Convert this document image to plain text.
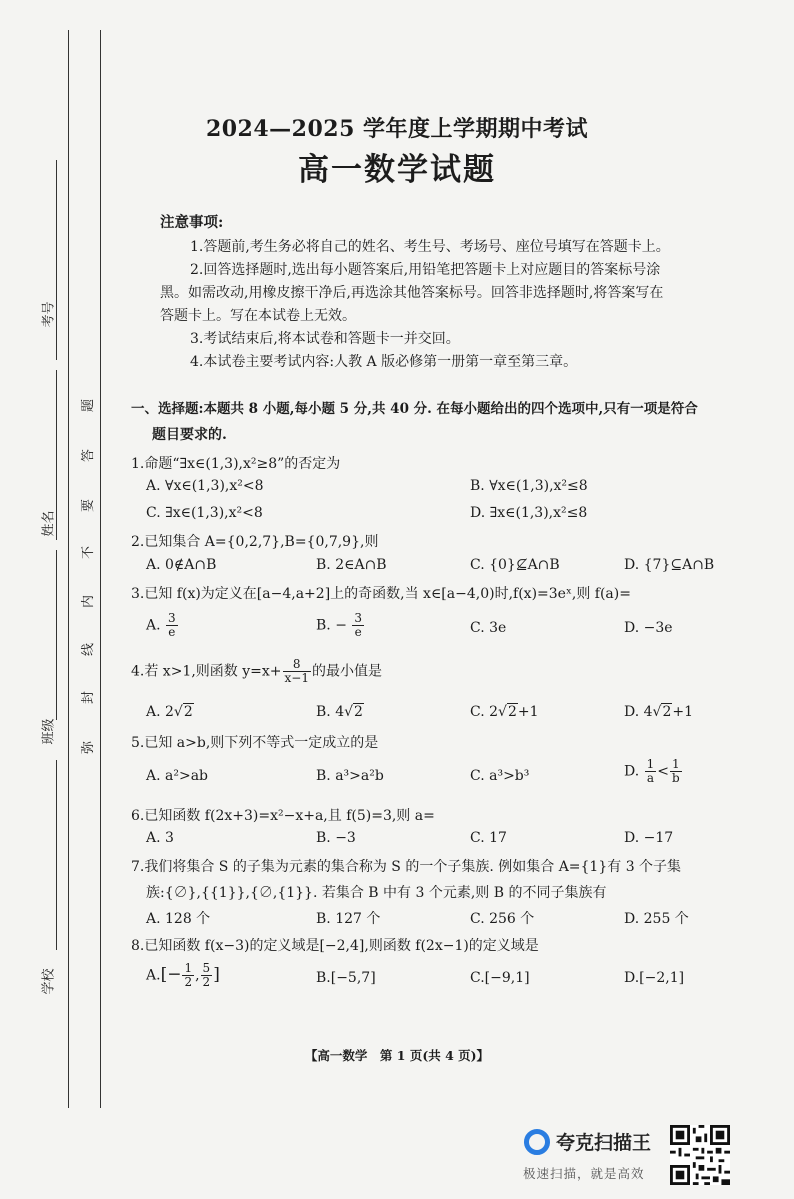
考号
姓名
班级
学校
题
答
要
不
内
线
封
弥
2024—2025 学年度上学期期中考试
高一数学试题
注意事项:
1.答题前,考生务必将自己的姓名、考生号、考场号、座位号填写在答题卡上。
2.回答选择题时,选出每小题答案后,用铅笔把答题卡上对应题目的答案标号涂
黑。如需改动,用橡皮擦干净后,再选涂其他答案标号。回答非选择题时,将答案写在
答题卡上。写在本试卷上无效。
3.考试结束后,将本试卷和答题卡一并交回。
4.本试卷主要考试内容:人教 A 版必修第一册第一章至第三章。
一、选择题:本题共 8 小题,每小题 5 分,共 40 分. 在每小题给出的四个选项中,只有一项是符合
题目要求的.
1.命题“∃x∈(1,3),x²≥8”的否定为
A. ∀x∈(1,3),x²<8	B. ∀x∈(1,3),x²≤8
C. ∃x∈(1,3),x²<8	D. ∃x∈(1,3),x²≤8
2.已知集合 A={0,2,7},B={0,7,9},则
A. 0∉A∩B	B. 2∈A∩B	C. {0}⊈A∩B	D. {7}⊆A∩B
3.已知 f(x)为定义在[a−4,a+2]上的奇函数,当 x∈[a−4,0)时,f(x)=3eˣ,则 f(a)=
A. $\frac{3}{e}$	B. − $\frac{3}{e}$	C. 3e	D. −3e
4.若 x>1,则函数 $y=x+ \frac{8}{x-1}$ 的最小值是
A. 2√2	B. 4√2	C. 2√2+1	D. 4√2+1
5.已知 a>b,则下列不等式一定成立的是
A. a²>ab	B. a³>a²b	C. a³>b³	D. $\frac{1}{a} < \frac{1}{b}$
6.已知函数 f(2x+3)=x²−x+a,且 f(5)=3,则 a=
A. 3	B. −3	C. 17	D. −17
7.我们将集合 S 的子集为元素的集合称为 S 的一个子集族. 例如集合 A={1}有 3 个子集
族:{∅},{{1}},{∅,{1}}. 若集合 B 中有 3 个元素,则 B 的不同子集族有
A. 128 个	B. 127 个	C. 256 个	D. 255 个
8.已知函数 f(x−3)的定义域是[−2,4],则函数 f(2x−1)的定义域是
$A.[- \frac{1}{2}$ , $\frac{5}{2}$ ]	B.[−5,7]	C.[−9,1]	D.[−2,1]
【高一数学　第 1 页(共 4 页)】
夸克扫描王
极速扫描，就是高效
